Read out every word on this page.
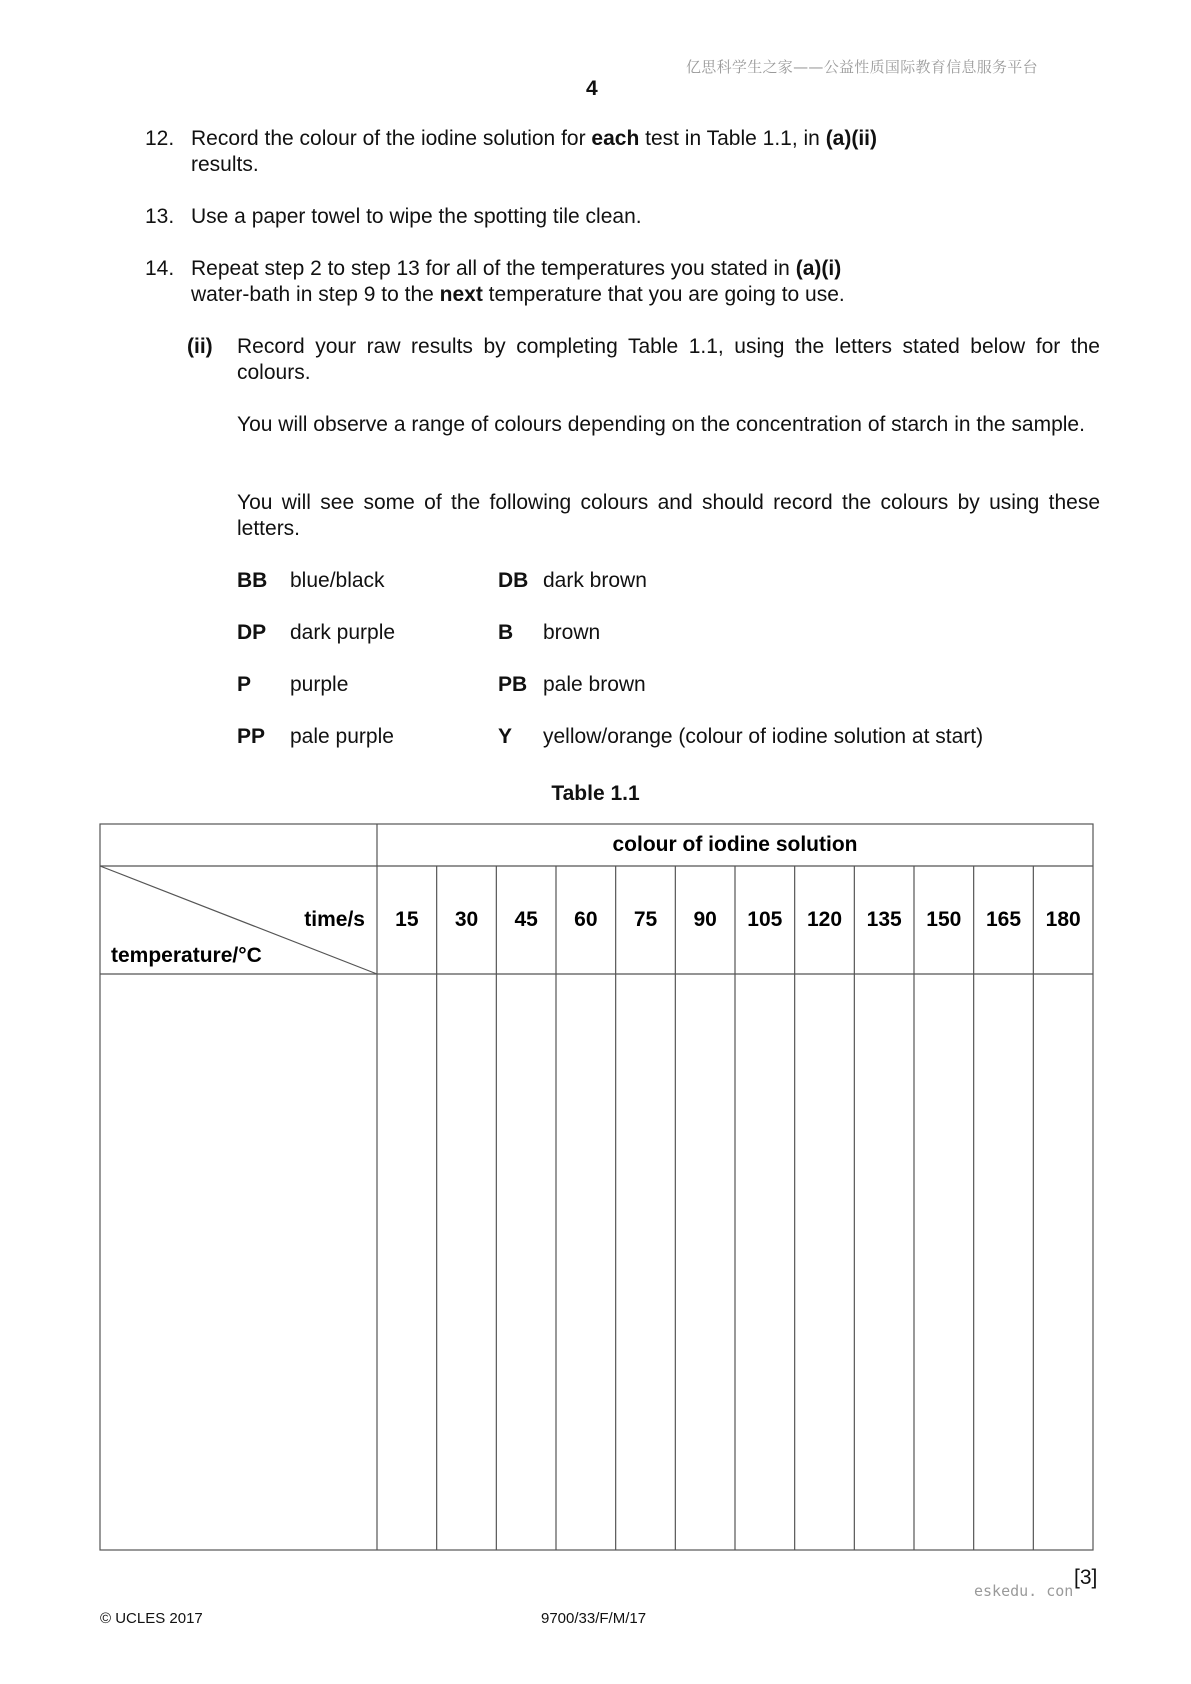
亿思科学生之家——公益性质国际教育信息服务平台
4
12. Record the colour of the iodine solution for each test in Table 1.1, in (a)(ii)
results.
13. Use a paper towel to wipe the spotting tile clean.
14. Repeat step 2 to step 13 for all of the temperatures you stated in (a)(i)
water-bath in step 9 to the next temperature that you are going to use.
(ii) Record your raw results by completing Table 1.1, using the letters stated below for the colours.
You will observe a range of colours depending on the concentration of starch in the sample.
You will see some of the following colours and should record the colours by using these letters.
BB blue/black	DB dark brown
DP dark purple	B brown
P purple	PB pale brown
PP pale purple	Y yellow/orange (colour of iodine solution at start)
Table 1.1
colour of iodine solution
time/s
temperature/°C
15 30 45 60 75 90 105 120 135 150 165 180
[3]
eskedu. con
© UCLES 2017	9700/33/F/M/17
